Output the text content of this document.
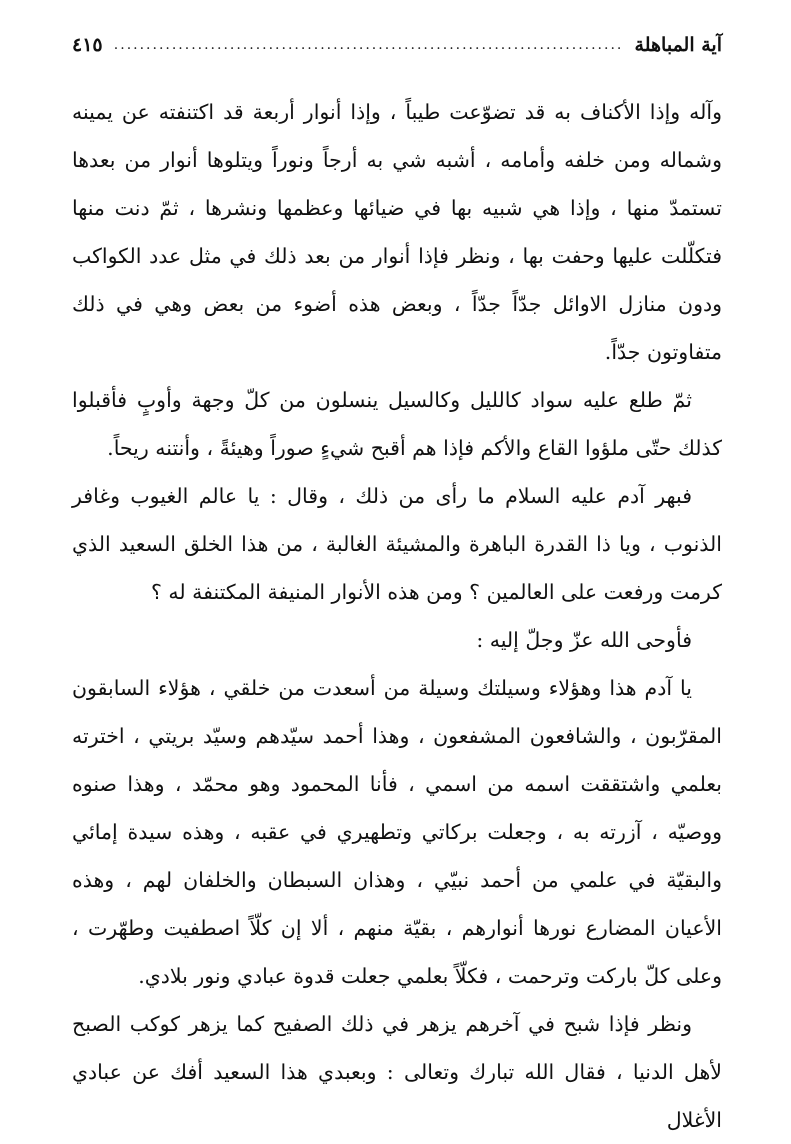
آية المباهلة
...............................................................................
٤١٥

وآله وإذا الأكناف به قد تضوّعت طيباً ، وإذا أنوار أربعة قد اكتنفته عن يمينه وشماله ومن خلفه وأمامه ، أشبه شي به أرجاً ونوراً ويتلوها أنوار من بعدها تستمدّ منها ، وإذا هي شبيه بها في ضيائها وعظمها ونشرها ، ثمّ دنت منها فتكلّلت عليها وحفت بها ، ونظر فإذا أنوار من بعد ذلك في مثل عدد الكواكب ودون منازل الاوائل جدّاً جدّاً ، وبعض هذه أضوء من بعض وهي في ذلك متفاوتون جدّاً.

ثمّ طلع عليه سواد كالليل وكالسيل ينسلون من كلّ وجهة وأوبٍ فأقبلوا كذلك حتّى ملؤوا القاع والأكم فإذا هم أقبح شيءٍ صوراً وهيئةً ، وأنتنه ريحاً.

فبهر آدم عليه السلام ما رأى من ذلك ، وقال : يا عالم الغيوب وغافر الذنوب ، ويا ذا القدرة الباهرة والمشيئة الغالبة ، من هذا الخلق السعيد الذي كرمت ورفعت على العالمين ؟ ومن هذه الأنوار المنيفة المكتنفة له ؟

فأوحى الله عزّ وجلّ إليه :

يا آدم هذا وهؤلاء وسيلتك وسيلة من أسعدت من خلقي ، هؤلاء السابقون المقرّبون ، والشافعون المشفعون ، وهذا أحمد سيّدهم وسيّد بريتي ، اخترته بعلمي واشتققت اسمه من اسمي ، فأنا المحمود وهو محمّد ، وهذا صنوه ووصيّه ، آزرته به ، وجعلت بركاتي وتطهيري في عقبه ، وهذه سيدة إمائي والبقيّة في علمي من أحمد نبيّي ، وهذان السبطان والخلفان لهم ، وهذه الأعيان المضارع نورها أنوارهم ، بقيّة منهم ، ألا إن كلّاً اصطفيت وطهّرت ، وعلى كلّ باركت وترحمت ، فكلّاً بعلمي جعلت قدوة عبادي ونور بلادي.

ونظر فإذا شبح في آخرهم يزهر في ذلك الصفيح كما يزهر كوكب الصبح لأهل الدنيا ، فقال الله تبارك وتعالى : وبعبدي هذا السعيد أفك عن عبادي الأغلال
